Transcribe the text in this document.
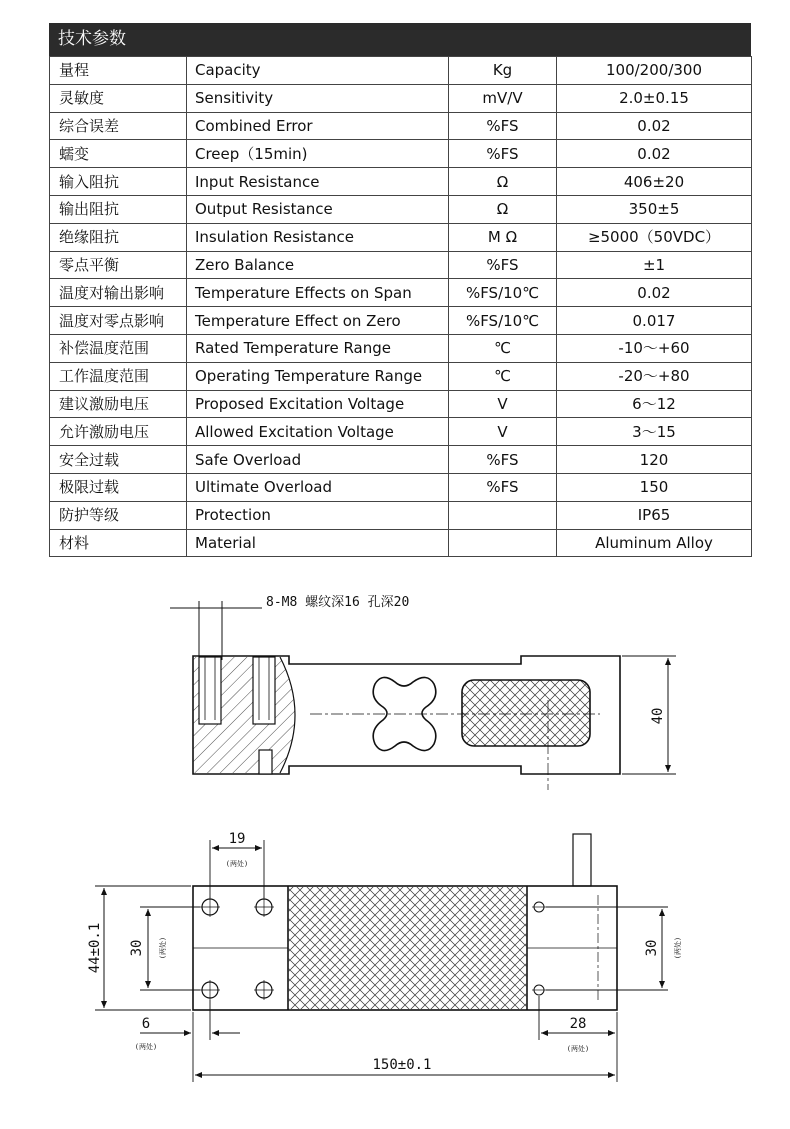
技术参数
量程	Capacity	Kg	100/200/300
灵敏度	Sensitivity	mV/V	2.0±0.15
综合误差	Combined Error	%FS	0.02
蠕变	Creep（15min)	%FS	0.02
输入阻抗	Input Resistance	Ω	406±20
输出阻抗	Output Resistance	Ω	350±5
绝缘阻抗	Insulation Resistance	M Ω	≥5000（50VDC）
零点平衡	Zero Balance	%FS	±1
温度对输出影响	Temperature Effects on Span	%FS/10℃	0.02
温度对零点影响	Temperature Effect on Zero	%FS/10℃	0.017
补偿温度范围	Rated Temperature Range	℃	-10～+60
工作温度范围	Operating Temperature Range	℃	-20～+80
建议激励电压	Proposed Excitation Voltage	V	6～12
允许激励电压	Allowed Excitation Voltage	V	3～15
安全过载	Safe Overload	%FS	120
极限过载	Ultimate Overload	%FS	150
防护等级	Protection		IP65
材料	Material		Aluminum Alloy
8-M8 螺纹深16 孔深20
40
19
(两处)
44±0.1 30 (两处)	30 (两处)
6
(两处)
28
(两处)
150±0.1
